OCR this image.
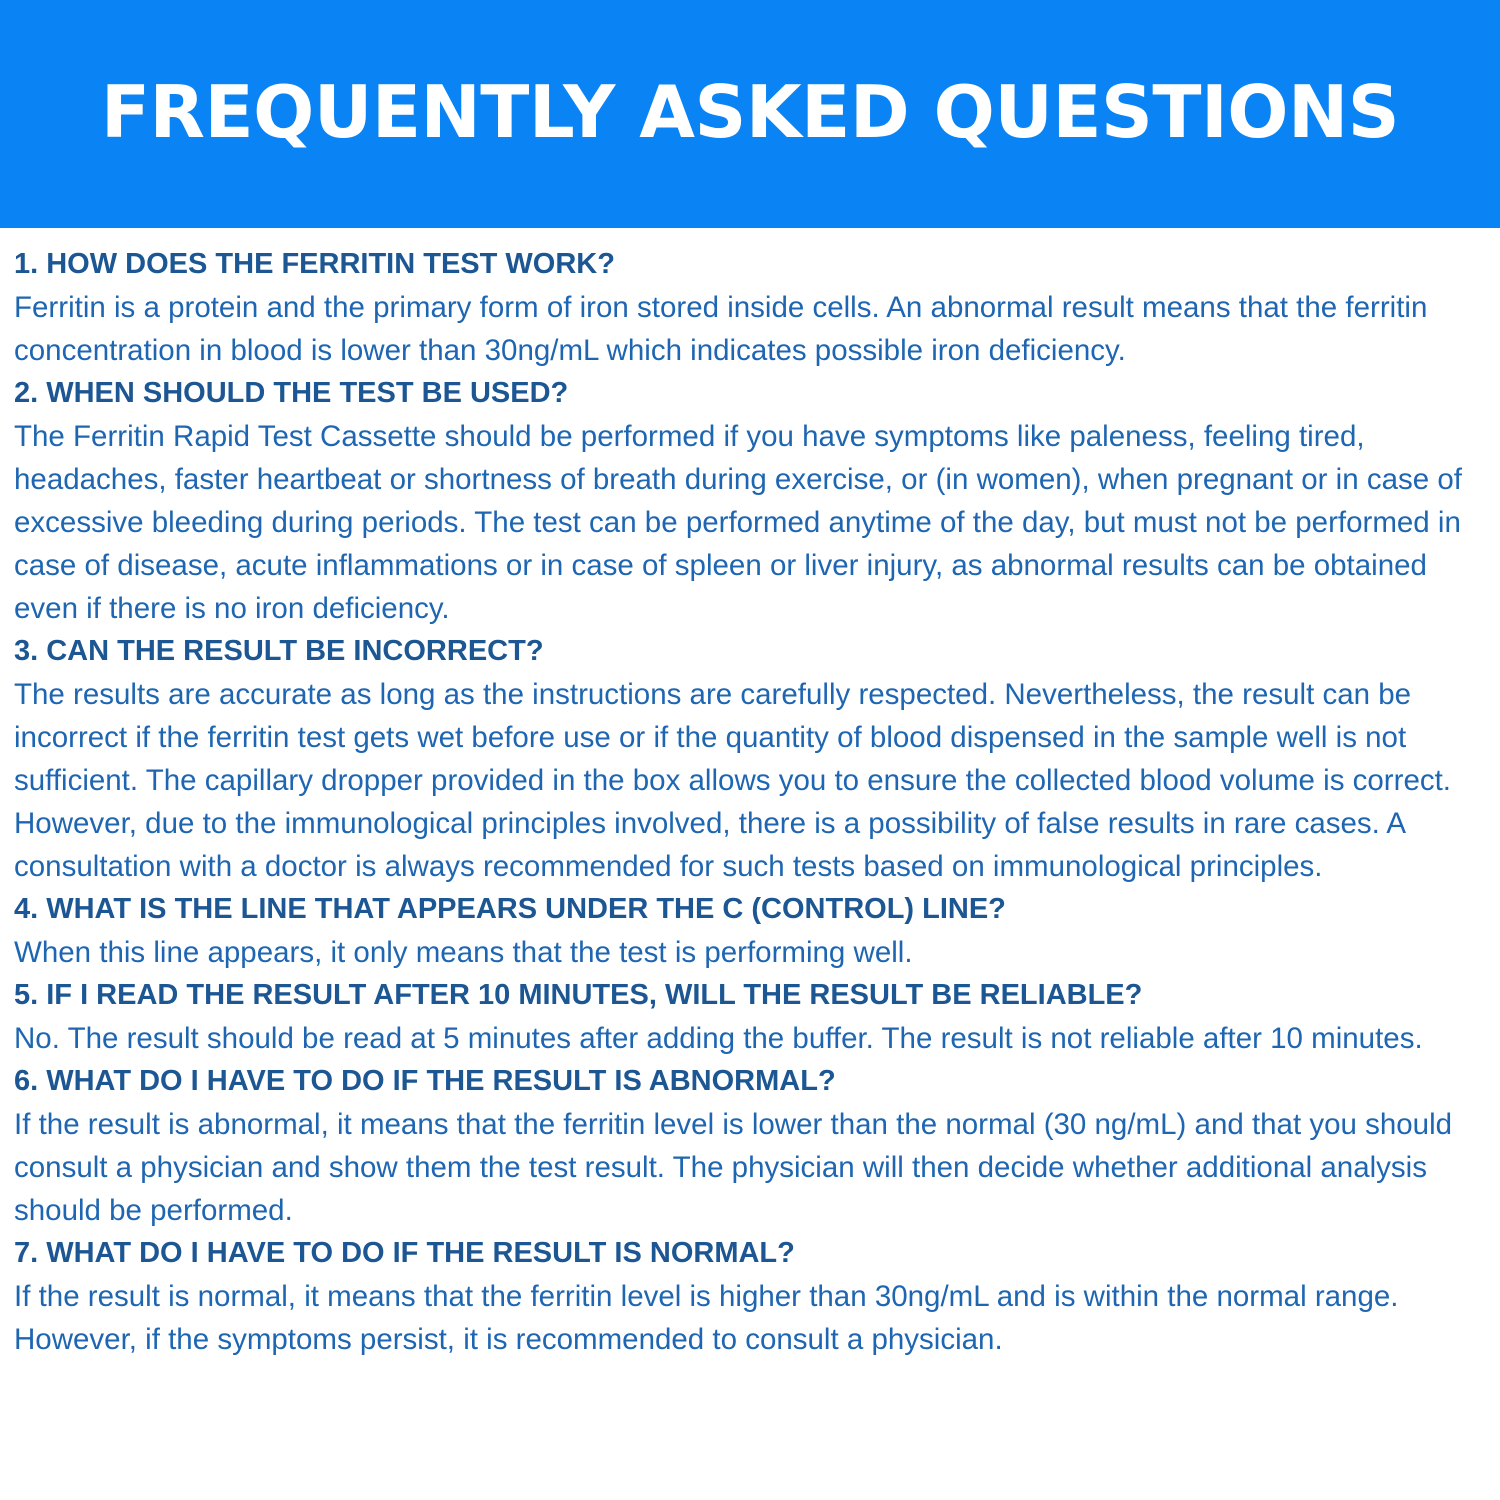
FREQUENTLY ASKED QUESTIONS

1. HOW DOES THE FERRITIN TEST WORK?

Ferritin is a protein and the primary form of iron stored inside cells. An abnormal result means that the ferritin concentration in blood is lower than 30ng/mL which indicates possible iron deficiency.

2. WHEN SHOULD THE TEST BE USED?

The Ferritin Rapid Test Cassette should be performed if you have symptoms like paleness, feeling tired, headaches, faster heartbeat or shortness of breath during exercise, or (in women), when pregnant or in case of excessive bleeding during periods. The test can be performed anytime of the day, but must not be performed in case of disease, acute inflammations or in case of spleen or liver injury, as abnormal results can be obtained even if there is no iron deficiency.

3. CAN THE RESULT BE INCORRECT?

The results are accurate as long as the instructions are carefully respected. Nevertheless, the result can be incorrect if the ferritin test gets wet before use or if the quantity of blood dispensed in the sample well is not sufficient. The capillary dropper provided in the box allows you to ensure the collected blood volume is correct. However, due to the immunological principles involved, there is a possibility of false results in rare cases. A consultation with a doctor is always recommended for such tests based on immunological principles.

4. WHAT IS THE LINE THAT APPEARS UNDER THE C (CONTROL) LINE?

When this line appears, it only means that the test is performing well.

5. IF I READ THE RESULT AFTER 10 MINUTES, WILL THE RESULT BE RELIABLE?

No. The result should be read at 5 minutes after adding the buffer. The result is not reliable after 10 minutes.

6. WHAT DO I HAVE TO DO IF THE RESULT IS ABNORMAL?

If the result is abnormal, it means that the ferritin level is lower than the normal (30 ng/mL) and that you should consult a physician and show them the test result. The physician will then decide whether additional analysis should be performed.

7. WHAT DO I HAVE TO DO IF THE RESULT IS NORMAL?

If the result is normal, it means that the ferritin level is higher than 30ng/mL and is within the normal range. However, if the symptoms persist, it is recommended to consult a physician.
